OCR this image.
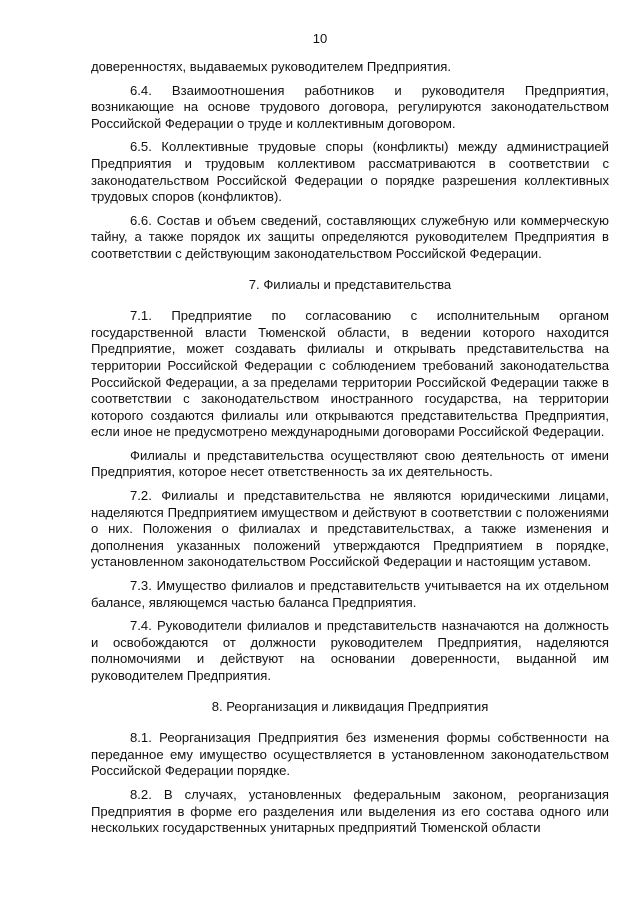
10

доверенностях, выдаваемых руководителем Предприятия.

6.4. Взаимоотношения работников и руководителя Предприятия, возникающие на основе трудового договора, регулируются законодательством Российской Федерации о труде и коллективным договором.

6.5. Коллективные трудовые споры (конфликты) между администрацией Предприятия и трудовым коллективом рассматриваются в соответствии с законодательством Российской Федерации о порядке разрешения коллективных трудовых споров (конфликтов).

6.6. Состав и объем сведений, составляющих служебную или коммерческую тайну, а также порядок их защиты определяются руководителем Предприятия в соответствии с действующим законодательством Российской Федерации.

7. Филиалы и представительства

7.1. Предприятие по согласованию с исполнительным органом государственной власти Тюменской области, в ведении которого находится Предприятие, может создавать филиалы и открывать представительства на территории Российской Федерации с соблюдением требований законодательства Российской Федерации, а за пределами территории Российской Федерации также в соответствии с законодательством иностранного государства, на территории которого создаются филиалы или открываются представительства Предприятия, если иное не предусмотрено международными договорами Российской Федерации.

Филиалы и представительства осуществляют свою деятельность от имени Предприятия, которое несет ответственность за их деятельность.

7.2. Филиалы и представительства не являются юридическими лицами, наделяются Предприятием имуществом и действуют в соответствии с положениями о них. Положения о филиалах и представительствах, а также изменения и дополнения указанных положений утверждаются Предприятием в порядке, установленном законодательством Российской Федерации и настоящим уставом.

7.3. Имущество филиалов и представительств учитывается на их отдельном балансе, являющемся частью баланса Предприятия.

7.4. Руководители филиалов и представительств назначаются на должность и освобождаются от должности руководителем Предприятия, наделяются полномочиями и действуют на основании доверенности, выданной им руководителем Предприятия.

8. Реорганизация и ликвидация Предприятия

8.1. Реорганизация Предприятия без изменения формы собственности на переданное ему имущество осуществляется в установленном законодательством Российской Федерации порядке.

8.2. В случаях, установленных федеральным законом, реорганизация Предприятия в форме его разделения или выделения из его состава одного или нескольких государственных унитарных предприятий Тюменской области
